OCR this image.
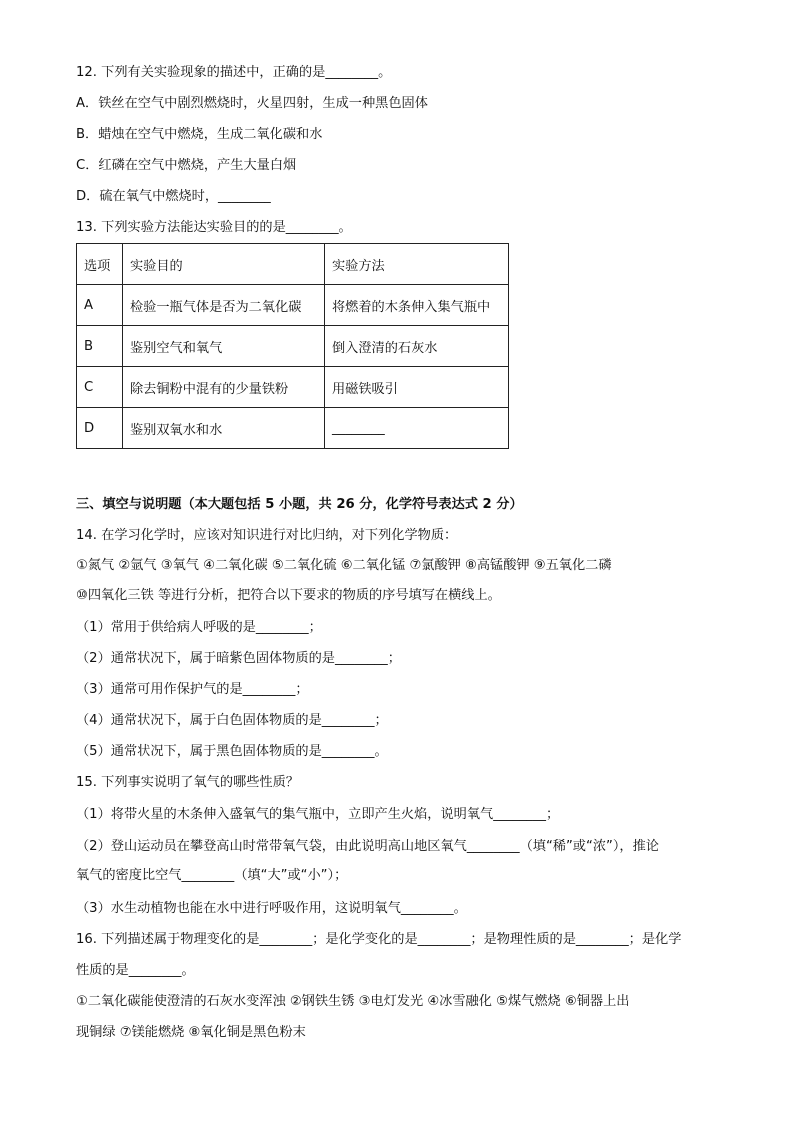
12. 下列有关实验现象的描述中，正确的是________。
A．铁丝在空气中剧烈燃烧时，火星四射，生成一种黑色固体
B．蜡烛在空气中燃烧，生成二氧化碳和水
C．红磷在空气中燃烧，产生大量白烟
D．硫在氧气中燃烧时，________
13. 下列实验方法能达实验目的的是________。
选项	实验目的	实验方法
A	检验一瓶气体是否为二氧化碳	将燃着的木条伸入集气瓶中
B	鉴别空气和氧气	倒入澄清的石灰水
C	除去铜粉中混有的少量铁粉	用磁铁吸引
D	鉴别双氧水和水	________
三、填空与说明题（本大题包括 5 小题，共 26 分，化学符号表达式 2 分）
14. 在学习化学时，应该对知识进行对比归纳，对下列化学物质：
①氮气 ②氩气 ③氧气 ④二氧化碳 ⑤二氧化硫 ⑥二氧化锰 ⑦氯酸钾 ⑧高锰酸钾 ⑨五氧化二磷
⑩四氧化三铁 等进行分析，把符合以下要求的物质的序号填写在横线上。
（1）常用于供给病人呼吸的是________；
（2）通常状况下，属于暗紫色固体物质的是________；
（3）通常可用作保护气的是________；
（4）通常状况下，属于白色固体物质的是________；
（5）通常状况下，属于黑色固体物质的是________。
15. 下列事实说明了氧气的哪些性质？
（1）将带火星的木条伸入盛氧气的集气瓶中，立即产生火焰，说明氧气________；
（2）登山运动员在攀登高山时常带氧气袋，由此说明高山地区氧气________（填“稀”或“浓”），推论
氧气的密度比空气________（填“大”或“小”）；
（3）水生动植物也能在水中进行呼吸作用，这说明氧气________。
16. 下列描述属于物理变化的是________；是化学变化的是________；是物理性质的是________；是化学
性质的是________。
①二氧化碳能使澄清的石灰水变浑浊 ②钢铁生锈 ③电灯发光 ④冰雪融化 ⑤煤气燃烧 ⑥铜器上出
现铜绿 ⑦镁能燃烧 ⑧氧化铜是黑色粉末
